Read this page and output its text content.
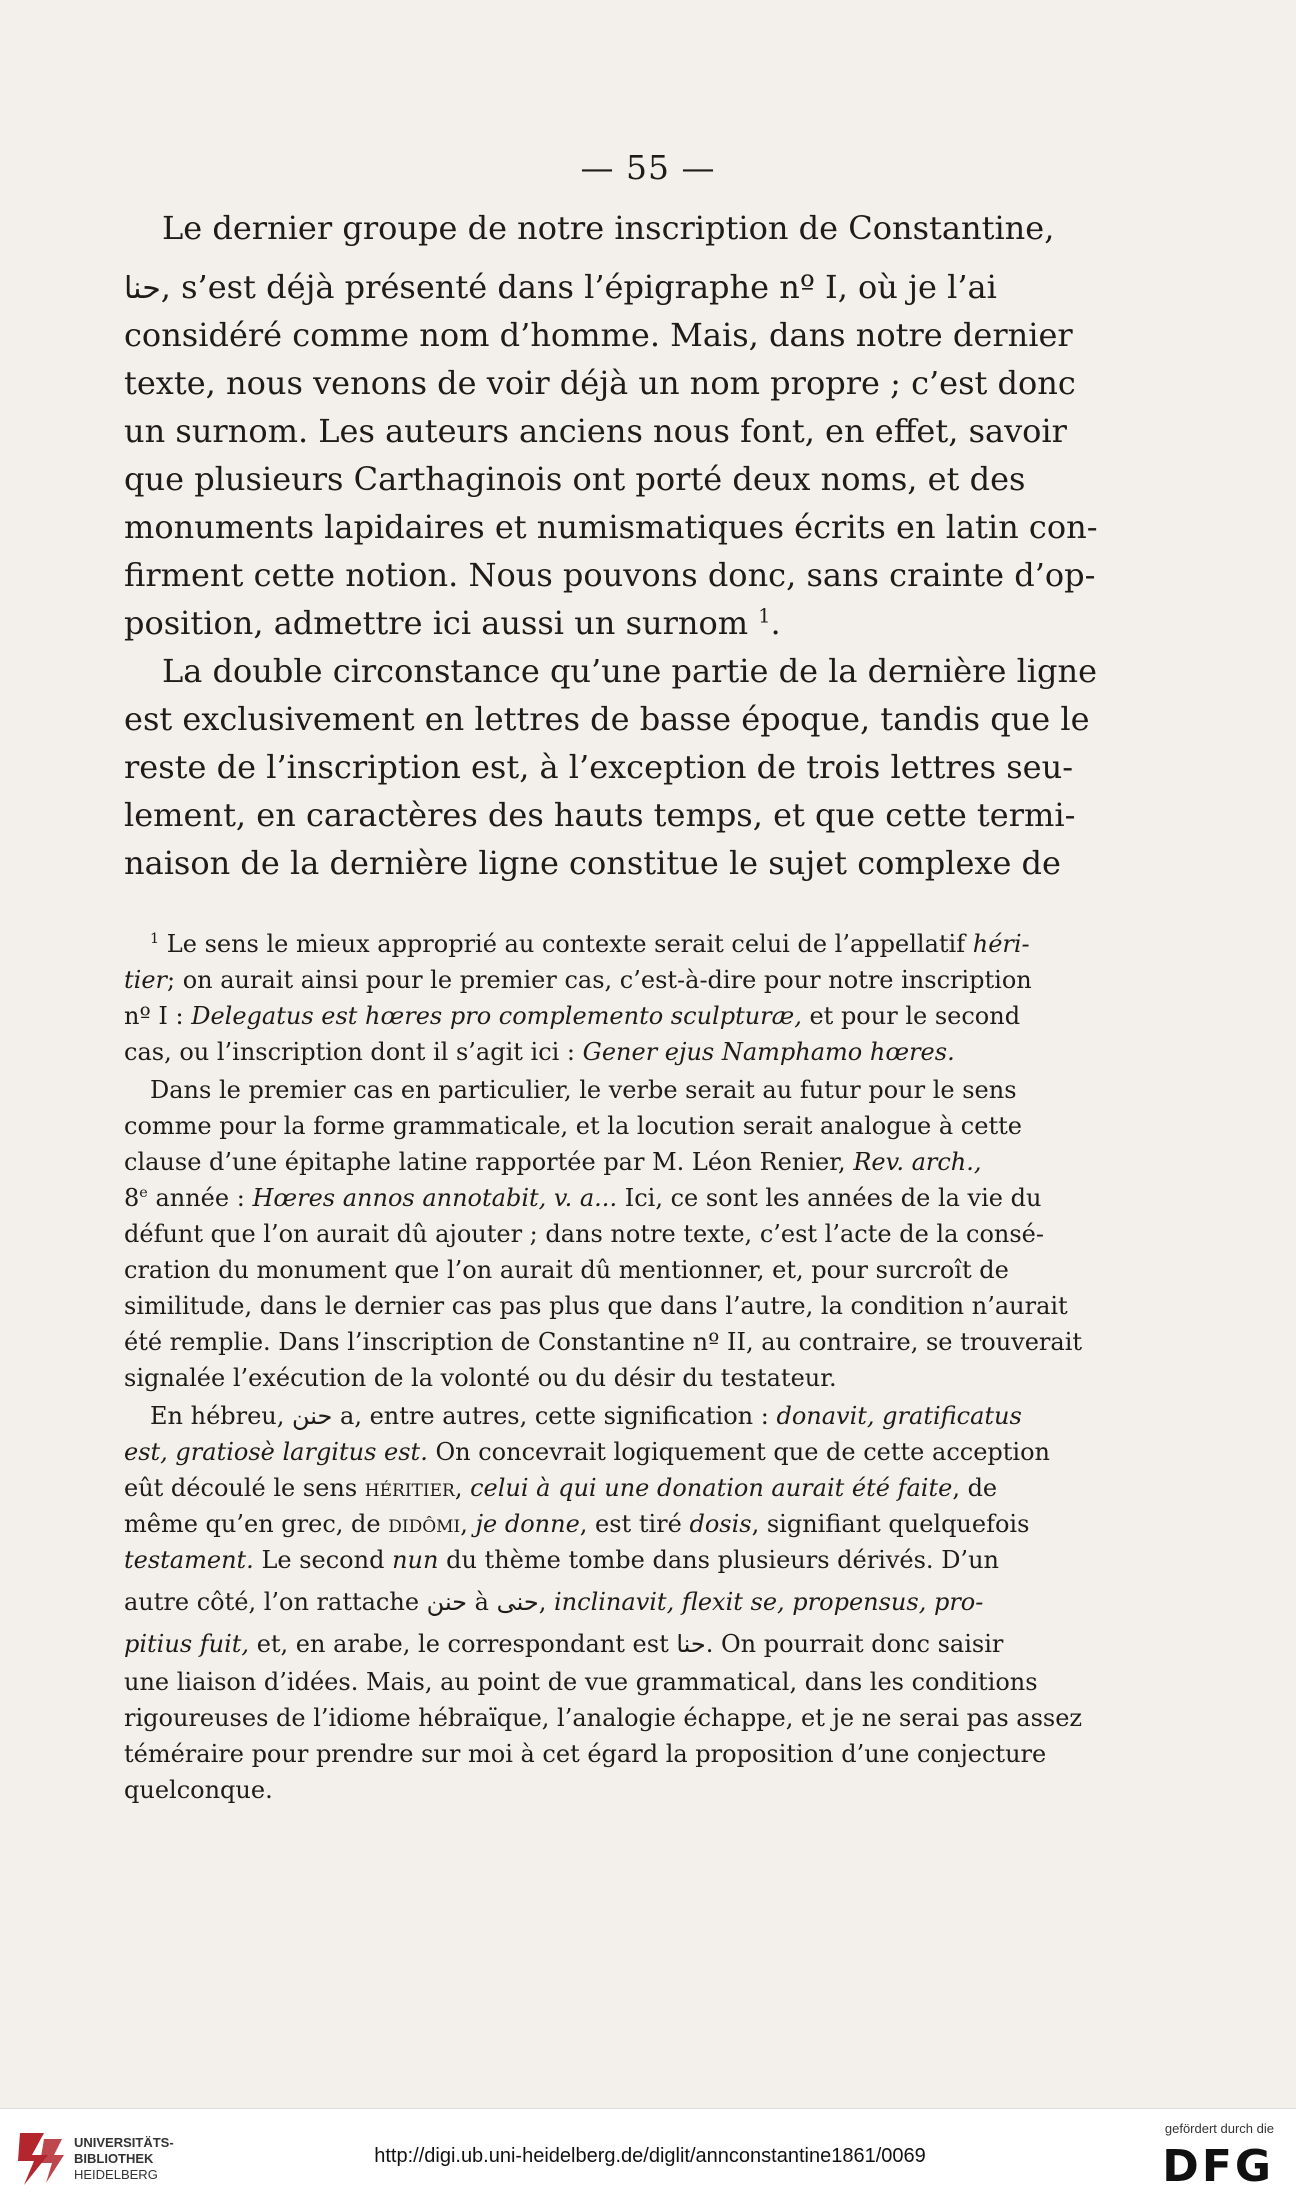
— 55 —
Le dernier groupe de notre inscription de Constantine,
ﺣﻨﺎ, s’est déjà présenté dans l’épigraphe nº I, où je l’ai
considéré comme nom d’homme. Mais, dans notre dernier
texte, nous venons de voir déjà un nom propre ; c’est donc
un surnom. Les auteurs anciens nous font, en effet, savoir
que plusieurs Carthaginois ont porté deux noms, et des
monuments lapidaires et numismatiques écrits en latin con-
firment cette notion. Nous pouvons donc, sans crainte d’op-
position, admettre ici aussi un surnom $^1$.
La double circonstance qu’une partie de la dernière ligne
est exclusivement en lettres de basse époque, tandis que le
reste de l’inscription est, à l’exception de trois lettres seu-
lement, en caractères des hauts temps, et que cette termi-
naison de la dernière ligne constitue le sujet complexe de
$^1$ Le sens le mieux approprié au contexte serait celui de l’appellatif héri-
tier; on aurait ainsi pour le premier cas, c’est-à-dire pour notre inscription
nº I : Delegatus est hœres pro complemento sculpturæ, et pour le second
cas, ou l’inscription dont il s’agit ici : Gener ejus Namphamo hœres.
Dans le premier cas en particulier, le verbe serait au futur pour le sens
comme pour la forme grammaticale, et la locution serait analogue à cette
clause d’une épitaphe latine rapportée par M. Léon Renier, Rev. arch.,
8e année : Hœres annos annotabit, v. a... Ici, ce sont les années de la vie du
défunt que l’on aurait dû ajouter ; dans notre texte, c’est l’acte de la consé-
cration du monument que l’on aurait dû mentionner, et, pour surcroît de
similitude, dans le dernier cas pas plus que dans l’autre, la condition n’aurait
été remplie. Dans l’inscription de Constantine nº II, au contraire, se trouverait
signalée l’exécution de la volonté ou du désir du testateur.
En hébreu, ﺣﻨﻦ a, entre autres, cette signification : donavit, gratificatus
est, gratiosè largitus est. On concevrait logiquement que de cette acception
eût découlé le sens héritier, celui à qui une donation aurait été faite, de
même qu’en grec, de didômi, je donne, est tiré dosis, signifiant quelquefois
testament. Le second nun du thème tombe dans plusieurs dérivés. D’un
autre côté, l’on rattache ﺣﻨﻦ à ﺣﻨﻰ, inclinavit, flexit se, propensus, pro-
pitius fuit, et, en arabe, le correspondant est ﺣﻨﺎ. On pourrait donc saisir
une liaison d’idées. Mais, au point de vue grammatical, dans les conditions
rigoureuses de l’idiome hébraïque, l’analogie échappe, et je ne serai pas assez
téméraire pour prendre sur moi à cet égard la proposition d’une conjecture
quelconque.
UNIVERSITÄTS-
BIBLIOTHEK
HEIDELBERG
http://digi.ub.uni-heidelberg.de/diglit/annconstantine1861/0069
gefördert durch die
DFG
